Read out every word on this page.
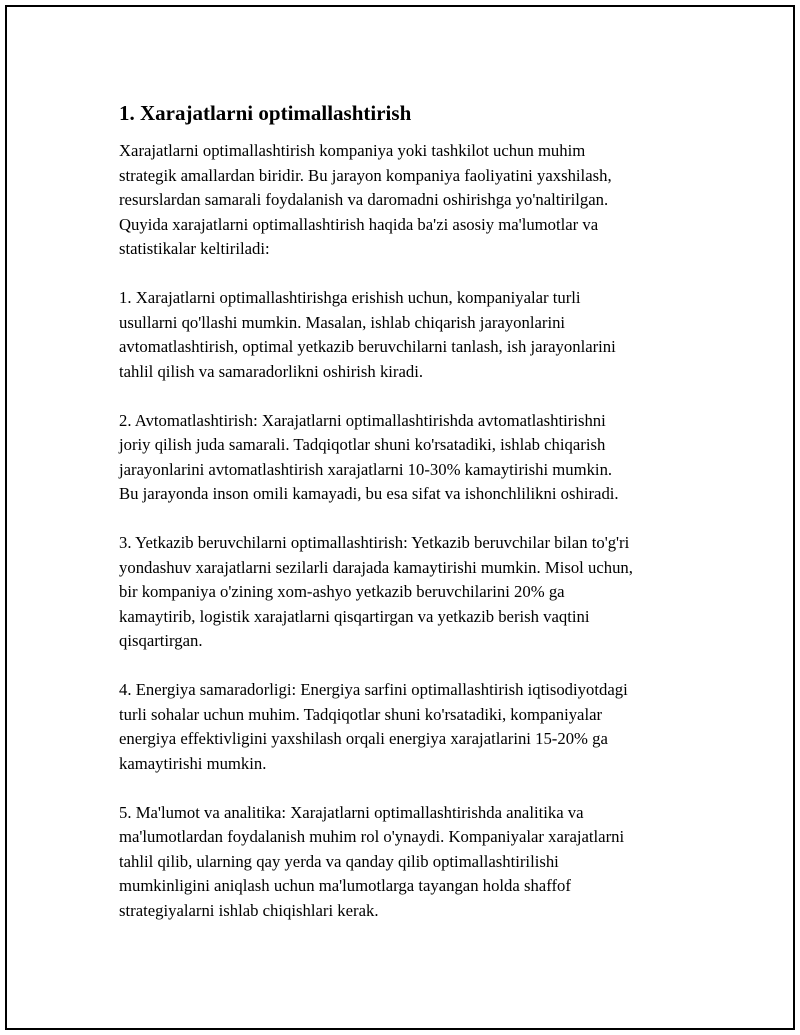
1. Xarajatlarni optimallashtirish

Xarajatlarni optimallashtirish kompaniya yoki tashkilot uchun muhim
strategik amallardan biridir. Bu jarayon kompaniya faoliyatini yaxshilash,
resurslardan samarali foydalanish va daromadni oshirishga yo'naltirilgan.
Quyida xarajatlarni optimallashtirish haqida ba'zi asosiy ma'lumotlar va
statistikalar keltiriladi:

1. Xarajatlarni optimallashtirishga erishish uchun, kompaniyalar turli
usullarni qo'llashi mumkin. Masalan, ishlab chiqarish jarayonlarini
avtomatlashtirish, optimal yetkazib beruvchilarni tanlash, ish jarayonlarini
tahlil qilish va samaradorlikni oshirish kiradi.

2. Avtomatlashtirish: Xarajatlarni optimallashtirishda avtomatlashtirishni
joriy qilish juda samarali. Tadqiqotlar shuni ko'rsatadiki, ishlab chiqarish
jarayonlarini avtomatlashtirish xarajatlarni 10-30% kamaytirishi mumkin.
Bu jarayonda inson omili kamayadi, bu esa sifat va ishonchlilikni oshiradi.

3. Yetkazib beruvchilarni optimallashtirish: Yetkazib beruvchilar bilan to'g'ri
yondashuv xarajatlarni sezilarli darajada kamaytirishi mumkin. Misol uchun,
bir kompaniya o'zining xom-ashyo yetkazib beruvchilarini 20% ga
kamaytirib, logistik xarajatlarni qisqartirgan va yetkazib berish vaqtini
qisqartirgan.

4. Energiya samaradorligi: Energiya sarfini optimallashtirish iqtisodiyotdagi
turli sohalar uchun muhim. Tadqiqotlar shuni ko'rsatadiki, kompaniyalar
energiya effektivligini yaxshilash orqali energiya xarajatlarini 15-20% ga
kamaytirishi mumkin.

5. Ma'lumot va analitika: Xarajatlarni optimallashtirishda analitika va
ma'lumotlardan foydalanish muhim rol o'ynaydi. Kompaniyalar xarajatlarni
tahlil qilib, ularning qay yerda va qanday qilib optimallashtirilishi
mumkinligini aniqlash uchun ma'lumotlarga tayangan holda shaffof
strategiyalarni ishlab chiqishlari kerak.
